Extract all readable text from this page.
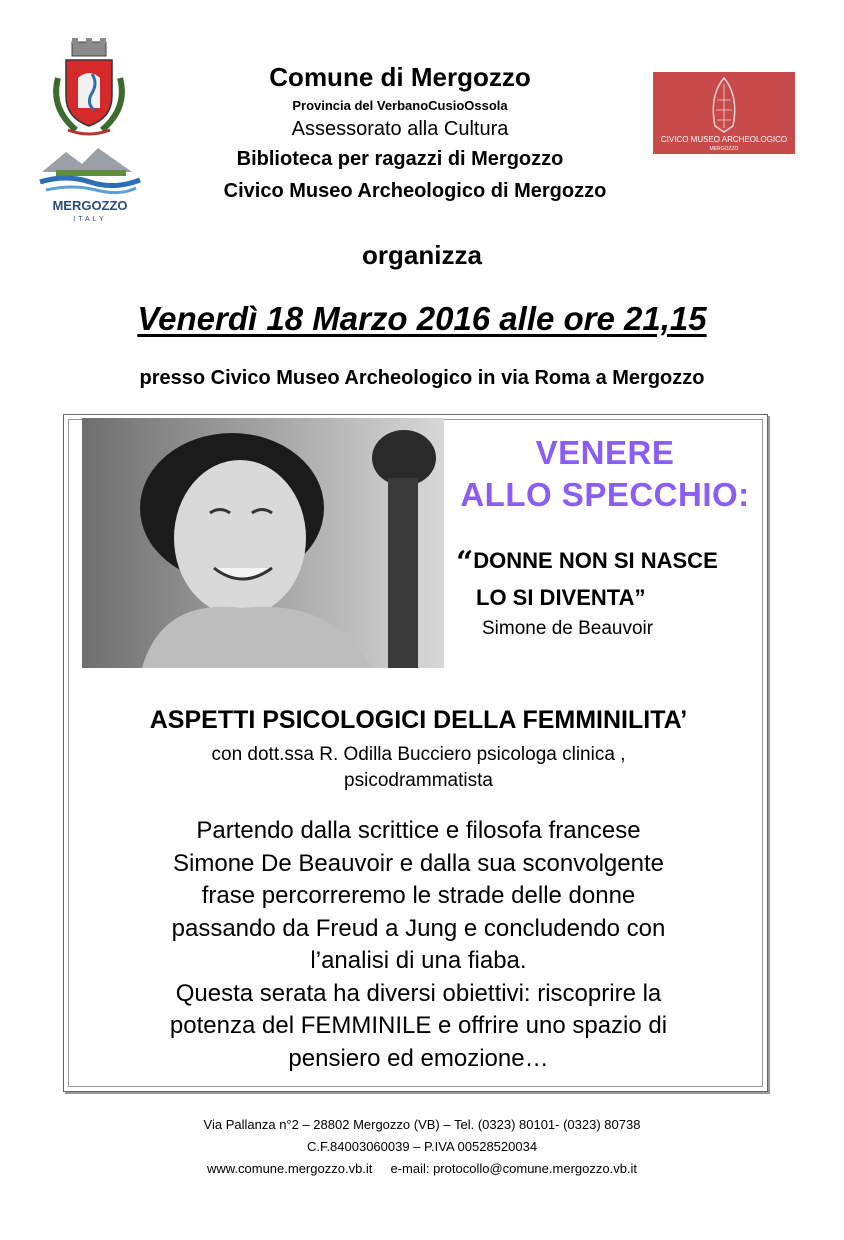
MERGOZZO
ITALY
CIVICO MUSEO ARCHEOLOGICO
MERGOZZO
Comune di Mergozzo
Provincia del VerbanoCusioOssola
Assessorato alla Cultura
Biblioteca per ragazzi di Mergozzo
Civico Museo Archeologico di Mergozzo
organizza
Venerdì 18 Marzo 2016 alle ore 21,15
presso Civico Museo Archeologico in via Roma a Mergozzo
VENERE
ALLO SPECCHIO:
“DONNE NON SI NASCE
LO SI DIVENTA”
Simone de Beauvoir
ASPETTI PSICOLOGICI DELLA FEMMINILITA’
con dott.ssa R. Odilla Bucciero psicologa clinica ,
psicodrammatista
Partendo dalla scrittice e filosofa francese
Simone De Beauvoir e dalla sua sconvolgente
frase percorreremo le strade delle donne
passando da Freud a Jung e concludendo con
l’analisi di una fiaba.
Questa serata ha diversi obiettivi: riscoprire la
potenza del FEMMINILE e offrire uno spazio di
pensiero ed emozione…
Via Pallanza n°2 – 28802 Mergozzo (VB) – Tel. (0323) 80101- (0323) 80738
C.F.84003060039 – P.IVA 00528520034
www.comune.mergozzo.vb.it     e-mail: protocollo@comune.mergozzo.vb.it
